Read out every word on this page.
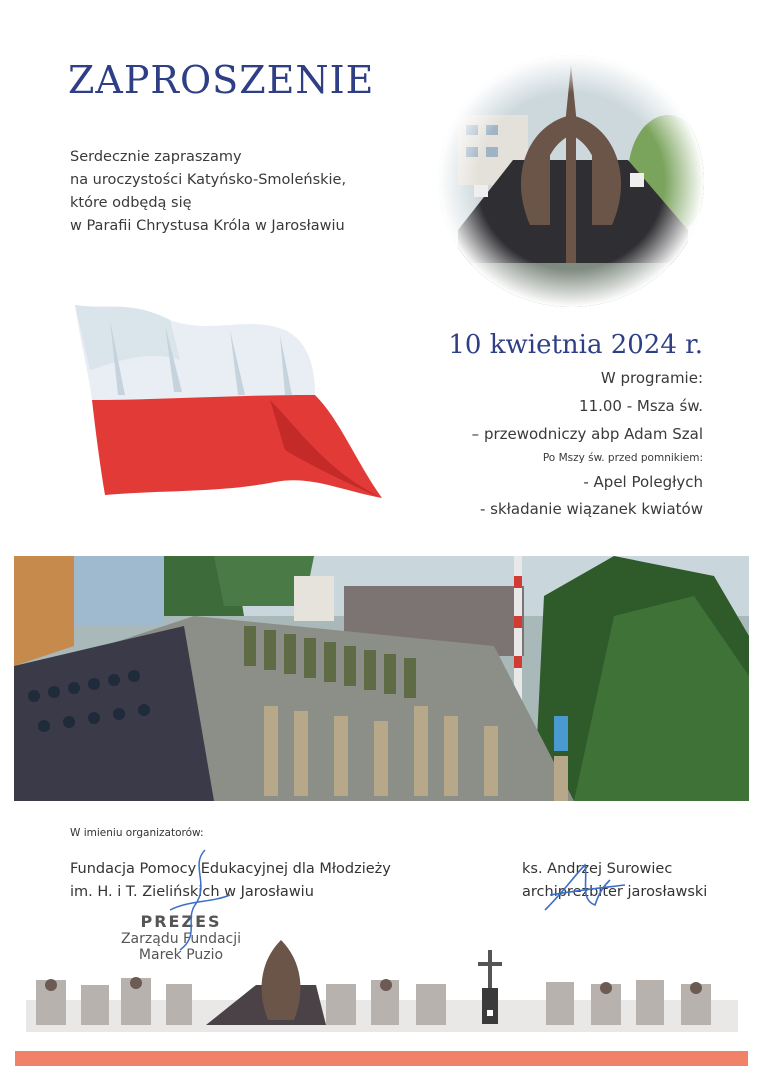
ZAPROSZENIE
Serdecznie zapraszamy
na uroczystości Katyńsko-Smoleńskie,
które odbędą się
w Parafii Chrystusa Króla w Jarosławiu
10 kwietnia 2024 r.
W programie:
11.00 - Msza św.
– przewodniczy abp Adam Szal
Po Mszy św. przed pomnikiem:
- Apel Poległych
- składanie wiązanek kwiatów
W imieniu organizatorów:
Fundacja Pomocy Edukacyjnej dla Młodzieży
im. H. i T. Zielińskich w Jarosławiu
ks. Andrzej Surowiec
archiprezbiter jarosławski
PREZES
Zarządu Fundacji
Marek Puzio
